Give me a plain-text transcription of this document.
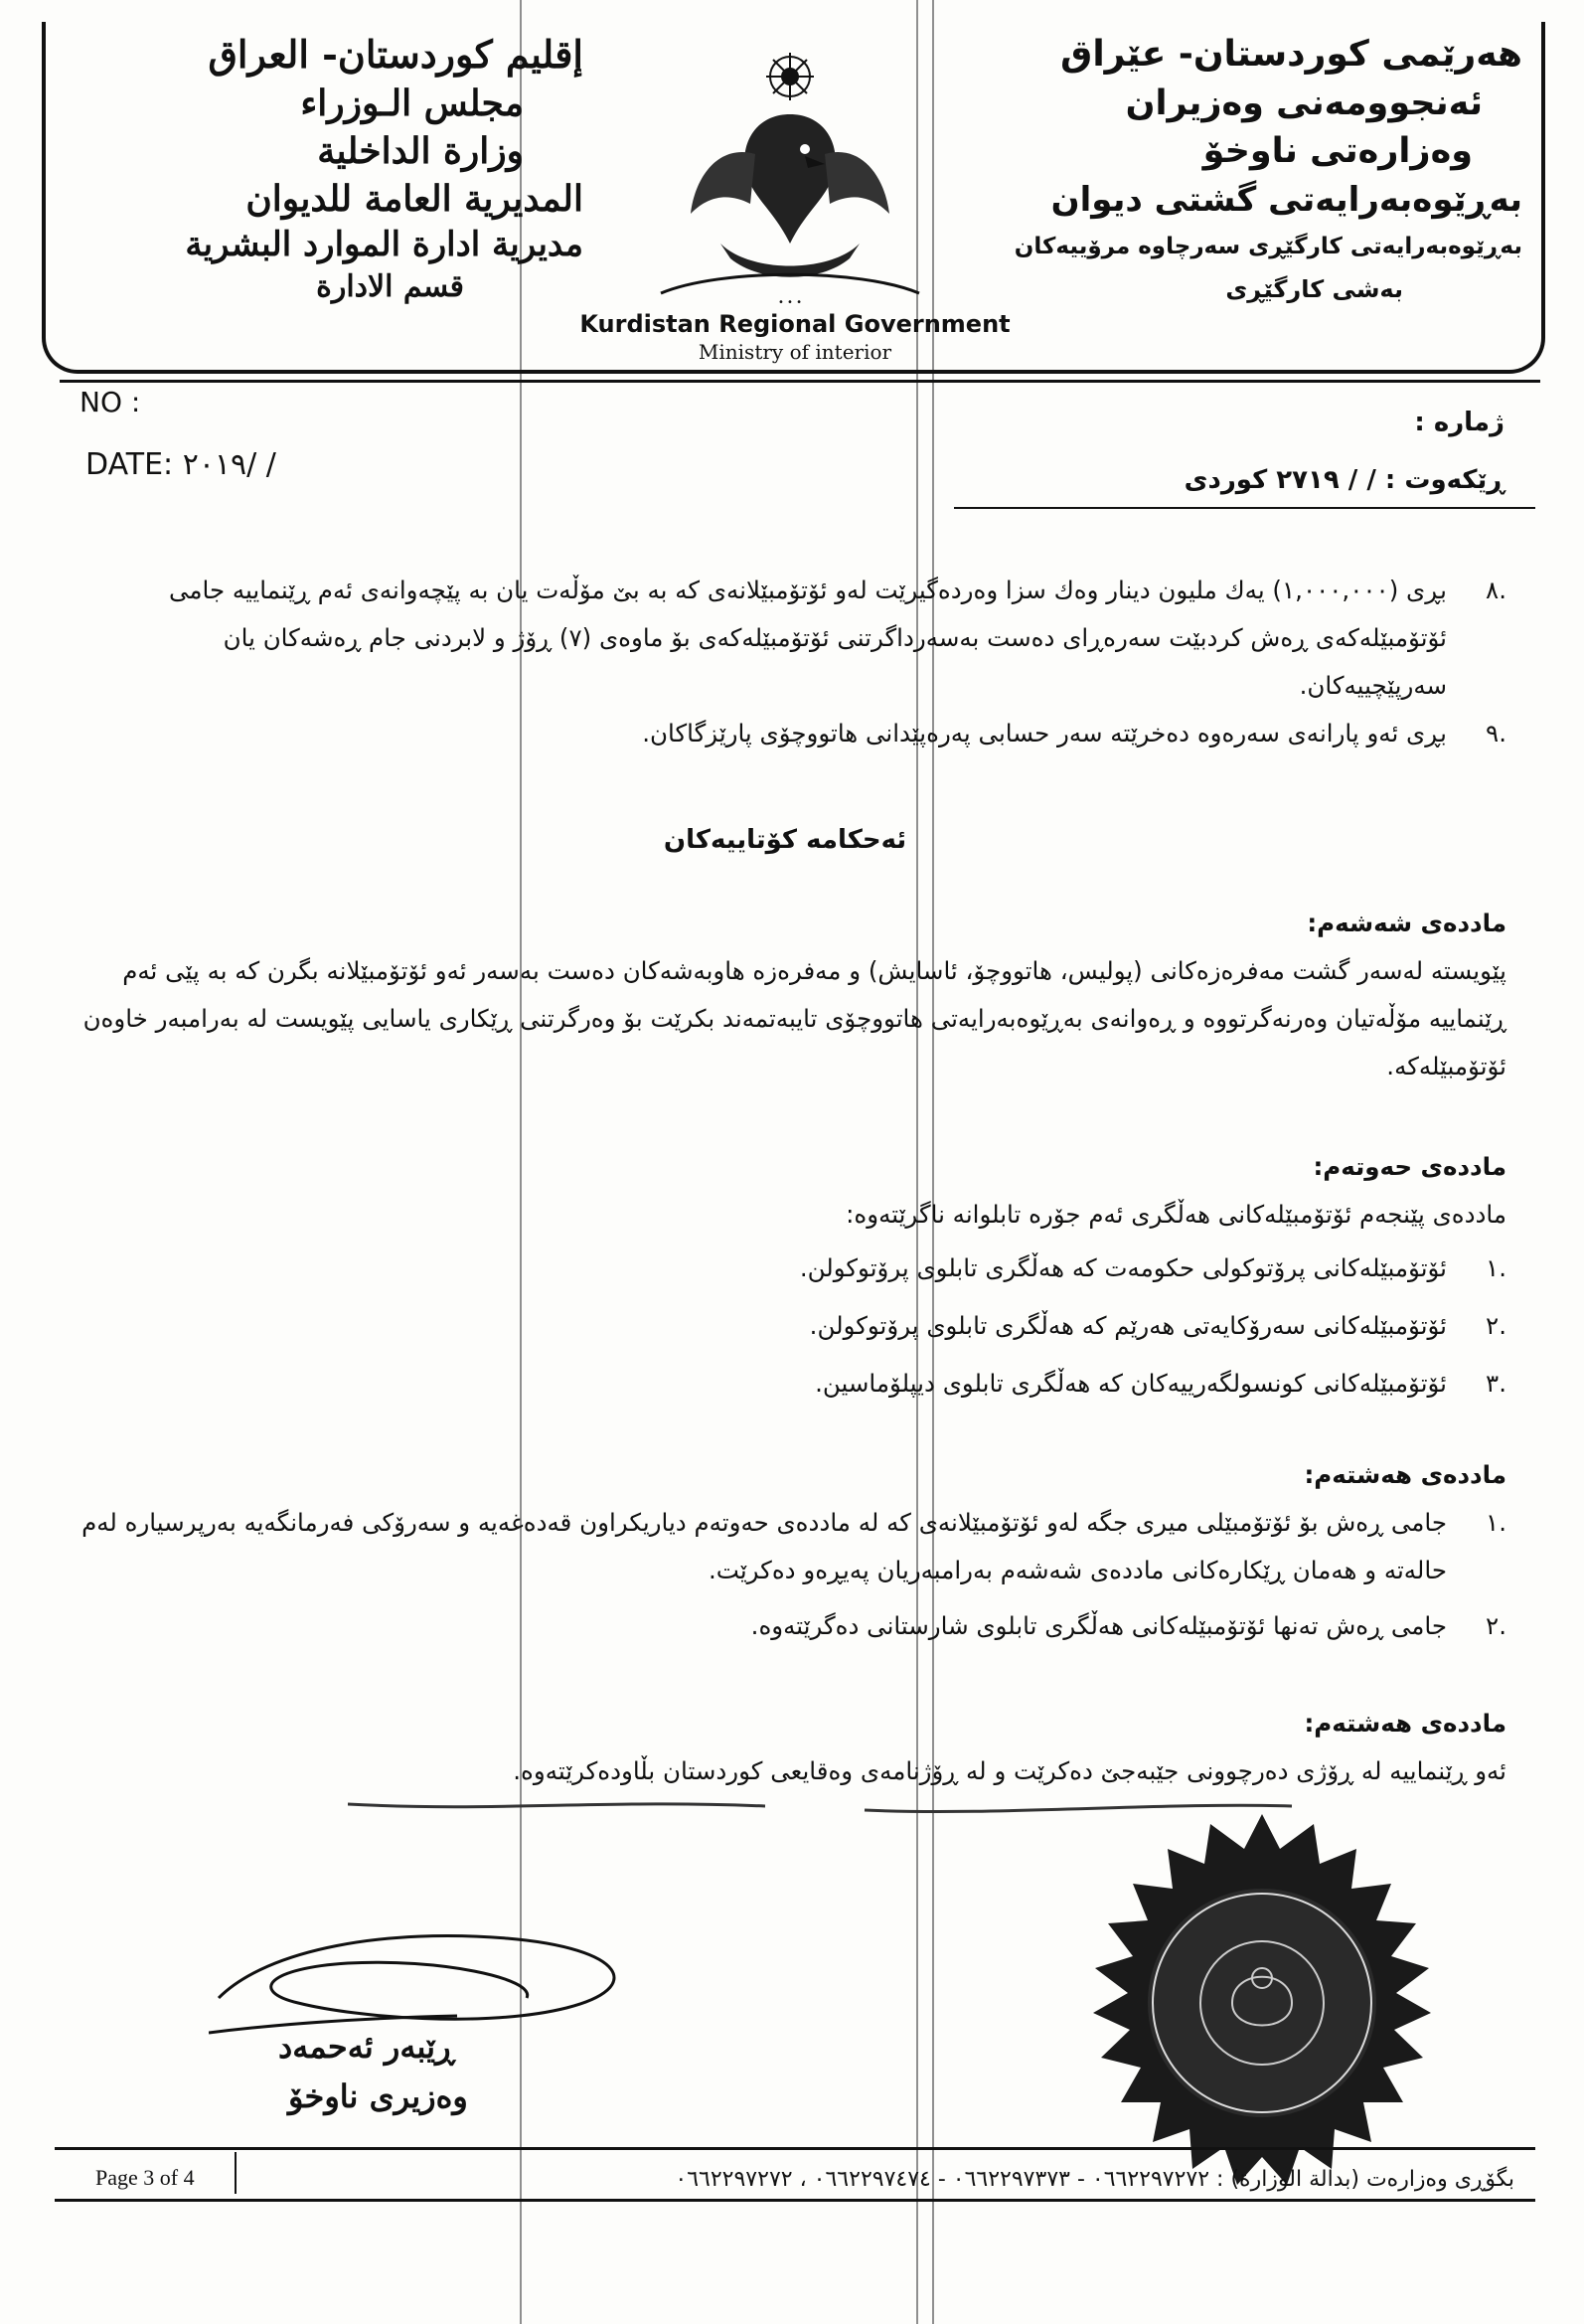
إقليم كوردستان- العراق
مجلس الـوزراء
وزارة الداخلية
المديرية العامة للديوان
مديرية ادارة الموارد البشرية
قسم الادارة	• • •
Kurdistan Regional Government
Ministry of interior
هەرێمی كوردستان- عێراق
ئەنجوومەنی وەزیران
وەزارەتی ناوخۆ
بەڕێوەبەرایەتی گشتی دیوان
بەڕێوەبەرایەتی كارگێڕی سەرچاوە مرۆییەكان
بەشی كارگێڕی
NO :
DATE: ٢٠١٩/ /
ژمارە :
ڕێكەوت : / / ٢٧١٩ كوردی
.٨

بڕی (١,٠٠٠,٠٠٠) یەك ملیون دینار وەك سزا وەردەگیرێت لەو ئۆتۆمبێلانەی كە بە بێ مۆڵەت یان بە پێچەوانەی ئەم ڕێنماییە جامی ئۆتۆمبێلەكەی ڕەش كردبێت سەرەڕای دەست بەسەرداگرتنی ئۆتۆمبێلەكەی بۆ ماوەی (٧) ڕۆژ و لابردنی جام ڕەشەكان یان سەرپێچییەكان.

.٩

بڕی ئەو پارانەی سەرەوە دەخرێتە سەر حسابی پەرەپێدانی هاتووچۆی پارێزگاكان.

ئەحكامە كۆتاییەكان

ماددەی شەشەم:

پێویستە لەسەر گشت مەفرەزەكانی (پولیس، هاتووچۆ، ئاسایش) و مەفرەزە هاوبەشەكان دەست بەسەر ئەو ئۆتۆمبێلانە بگرن كە بە پێی ئەم ڕێنماییە مۆڵەتیان وەرنەگرتووە و ڕەوانەی بەڕێوەبەرایەتی هاتووچۆی تایبەتمەند بكرێت بۆ وەرگرتنی ڕێكاری یاسایی پێویست لە بەرامبەر خاوەن ئۆتۆمبێلەكە.

ماددەی حەوتەم:

ماددەی پێنجەم ئۆتۆمبێلەكانی هەڵگری ئەم جۆرە تابلوانە ناگرێتەوە:

.١

ئۆتۆمبێلەكانی پرۆتوكولی حكومەت كە هەڵگری تابلوی پرۆتوكولن.

.٢

ئۆتۆمبێلەكانی سەرۆكایەتی هەرێم كە هەڵگری تابلوی پرۆتوكولن.

.٣

ئۆتۆمبێلەكانی كونسولگەرییەكان كە هەڵگری تابلوی دیپلۆماسین.

ماددەی هەشتەم:

.١

جامی ڕەش بۆ ئۆتۆمبێلی میری جگە لەو ئۆتۆمبێلانەی كە لە ماددەی حەوتەم دیاریكراون قەدەغەیە و سەرۆكی فەرمانگەیە بەرپرسیارە لەم حالەتە و هەمان ڕێكارەكانی ماددەی شەشەم بەرامبەریان پەیڕەو دەكرێت.

.٢

جامی ڕەش تەنها ئۆتۆمبێلەكانی هەڵگری تابلوی شارستانی دەگرێتەوە.

ماددەی هەشتەم:

ئەو ڕێنماییە لە ڕۆژی دەرچوونی جێبەجێ دەكرێت و لە ڕۆژنامەی وەقایعی كوردستان بڵاودەكرێتەوە.

ڕێبەر ئەحمەد
وەزیری ناوخۆ
Page 3 of 4	بگۆڕی وەزارەت (بدالة الوزارة) : ٠٦٦٢٢٩٧٢٧٢ - ٠٦٦٢٢٩٧٣٧٣ - ٠٦٦٢٢٩٧٤٧٤ ، ٠٦٦٢٢٩٧٢٧٢
